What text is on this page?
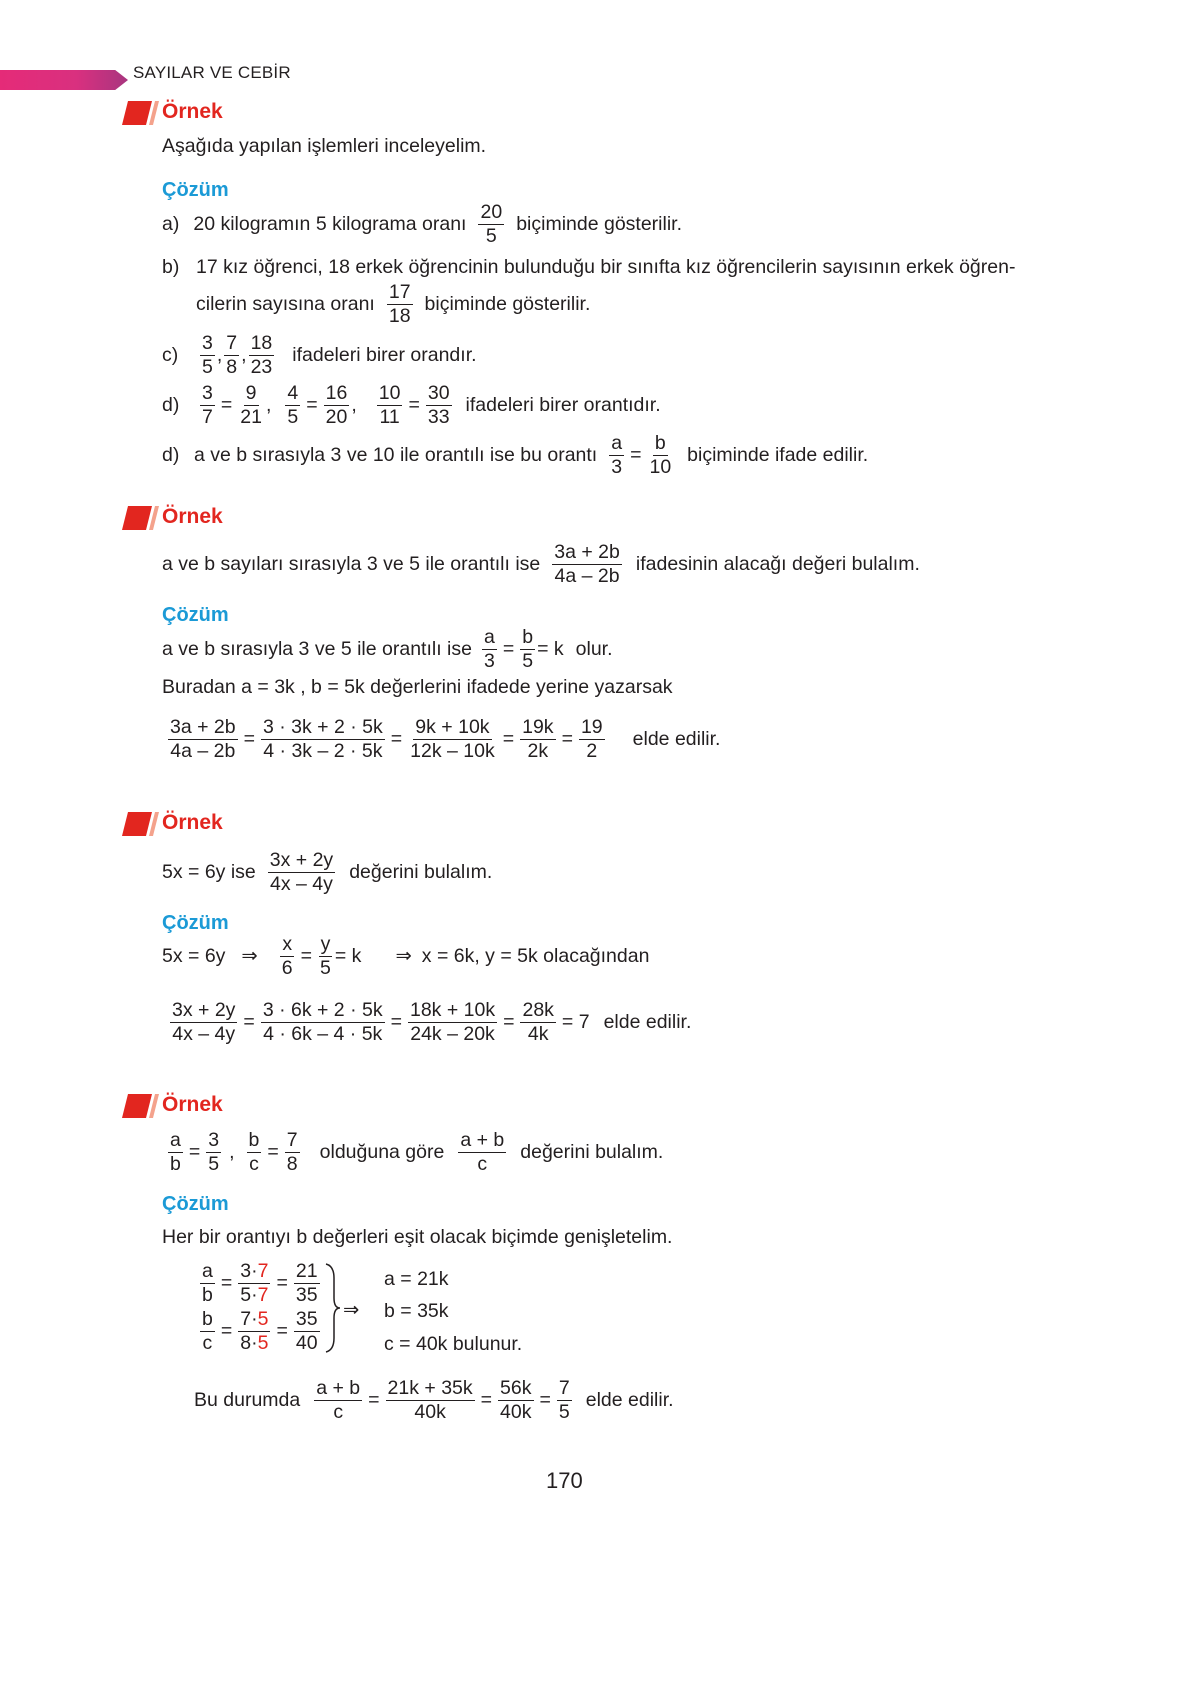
SAYILAR VE CEBİR
Örnek
Aşağıda yapılan işlemleri inceleyelim.
Çözüm
a) 20 kilogramın 5 kilograma oranı $\frac{20}{5}$ biçiminde gösterilir.
b) 17 kız öğrenci, 18 erkek öğrencinin bulunduğu bir sınıfta kız öğrencilerin sayısının erkek öğren-
cilerin sayısına oranı $\frac{17}{18}$ biçiminde gösterilir.
c)	$\frac{3}{5}$ , $\frac{7}{8}$ , $\frac{18}{23}$ ifadeleri birer orandır.
d)	$\frac{3}{7} = \frac{9}{21}$ , $\frac{4}{5} = \frac{16}{20}$ , $\frac{10}{11} = \frac{30}{33}$ ifadeleri birer orantıdır.
d) a ve b sırasıyla 3 ve 10 ile orantılı ise bu orantı $\frac{a}{3} = \frac{b}{10}$ biçiminde ifade edilir.
Örnek
a ve b sayıları sırasıyla 3 ve 5 ile orantılı ise $\frac{3a + 2b}{4a - 2b}$ ifadesinin alacağı değeri bulalım.
Çözüm
a ve b sırasıyla 3 ve 5 ile orantılı ise $\frac{a}{3} = \frac{b}{5} = k$ olur.
Buradan a = 3k , b = 5k değerlerini ifadede yerine yazarsak
$\frac{3a + 2b}{4a - 2b} = \frac{3 \cdot 3k + 2 \cdot 5k}{4 \cdot 3k - 2 \cdot 5k} = \frac{9k + 10k}{12k - 10k} = \frac{19k}{2k} = \frac{19}{2}$ elde edilir.
Örnek
5x = 6y ise $\frac{3x + 2y}{4x - 4y}$ değerini bulalım.
Çözüm
5x = 6y ⇒ $\frac{x}{6} = \frac{y}{5} = k$ ⇒ x = 6k, y = 5k olacağından
$\frac{3x + 2y}{4x - 4y} = \frac{3 \cdot 6k + 2 \cdot 5k}{4 \cdot 6k - 4 \cdot 5k} = \frac{18k + 10k}{24k - 20k} = \frac{28k}{4k} = 7$ elde edilir.
Örnek
$\frac{a}{b} = \frac{3}{5}$ , $\frac{b}{c} = \frac{7}{8}$ olduğuna göre $\frac{a + b}{c}$ değerini bulalım.
Çözüm
Her bir orantıyı b değerleri eşit olacak biçimde genişletelim.
$\frac{a}{b} = \frac{3\cdot 7}{5\cdot 7} = \frac{21}{35}$
$\frac{b}{c} = \frac{7\cdot 5}{8\cdot 5} = \frac{35}{40}$ ⇒
a = 21k
b = 35k
c = 40k bulunur.
Bu durumda $\frac{a + b}{c} = \frac{21k + 35k}{40k} = \frac{56k}{40k} = \frac{7}{5}$ elde edilir.
170
